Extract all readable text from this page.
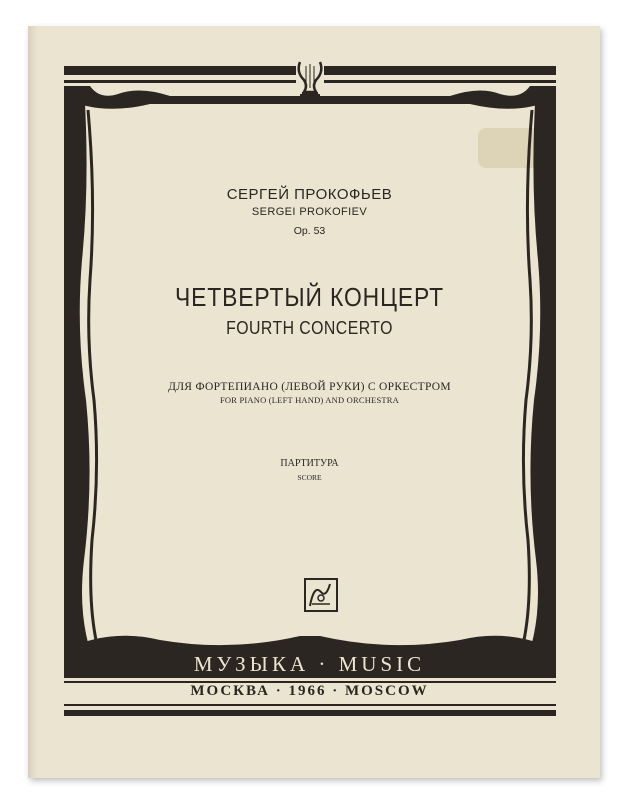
СЕРГЕЙ ПРОКОФЬЕВ
SERGEI PROKOFIEV
Op. 53
ЧЕТВЕРТЫЙ КОНЦЕРТ
FOURTH CONCERTO
ДЛЯ ФОРТЕПИАНО (ЛЕВОЙ РУКИ) С ОРКЕСТРОМ
FOR PIANO (LEFT HAND) AND ORCHESTRA
ПАРТИТУРА
SCORE
МУЗЫКА · MUSIC
МОСКВА · 1966 · MOSCOW
